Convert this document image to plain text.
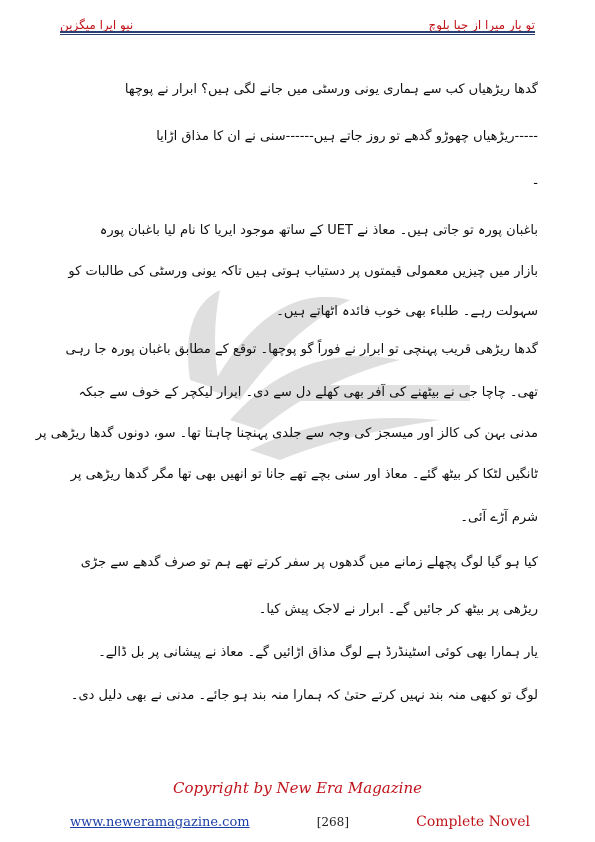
نیو ایرا میگزین	تو یار میرا از جیا بلوچ
گدھا ریڑھیاں کب سے ہماری یونی ورسٹی میں جانے لگی ہیں؟ ابرار نے پوچھا
-----ریڑھیاں چھوڑو گدھے تو روز جاتے ہیں------سنی نے ان کا مذاق اڑایا
-
باغبان پورہ تو جاتی ہیں۔ معاذ نے UET کے ساتھ موجود ایریا کا نام لیا باغبان پورہ
بازار میں چیزیں معمولی قیمتوں پر دستیاب ہوتی ہیں تاکہ یونی ورسٹی کی طالبات کو
سہولت رہے۔ طلباء بھی خوب فائدہ اٹھاتے ہیں۔
گدھا ریڑھی قریب پہنچی تو ابرار نے فوراً گو پوچھا۔ توقع کے مطابق باغبان پورہ جا رہی
تھی۔ چاچا جی نے بیٹھنے کی آفر بھی کھلے دل سے دی۔ ابرار لیکچر کے خوف سے جبکہ
مدنی بہن کی کالز اور میسجز کی وجہ سے جلدی پہنچنا چاہتا تھا۔ سو، دونوں گدھا ریڑھی پر
ٹانگیں لٹکا کر بیٹھ گئے۔ معاذ اور سنی بچے تھے جانا تو انھیں بھی تھا مگر گدھا ریڑھی پر
شرم آڑے آئی۔
کیا ہو گیا لوگ پچھلے زمانے میں گدھوں پر سفر کرتے تھے ہم تو صرف گدھے سے جڑی
ریڑھی پر بیٹھ کر جائیں گے۔ ابرار نے لاجک پیش کیا۔
یار ہمارا بھی کوئی اسٹینڈرڈ ہے لوگ مذاق اڑائیں گے۔ معاذ نے پیشانی پر بل ڈالے۔
لوگ تو کبھی منہ بند نہیں کرتے حتیٰ کہ ہمارا منہ بند ہو جائے۔ مدنی نے بھی دلیل دی۔
Copyright by New Era Magazine
www.neweramagazine.com	[268]	Complete Novel
